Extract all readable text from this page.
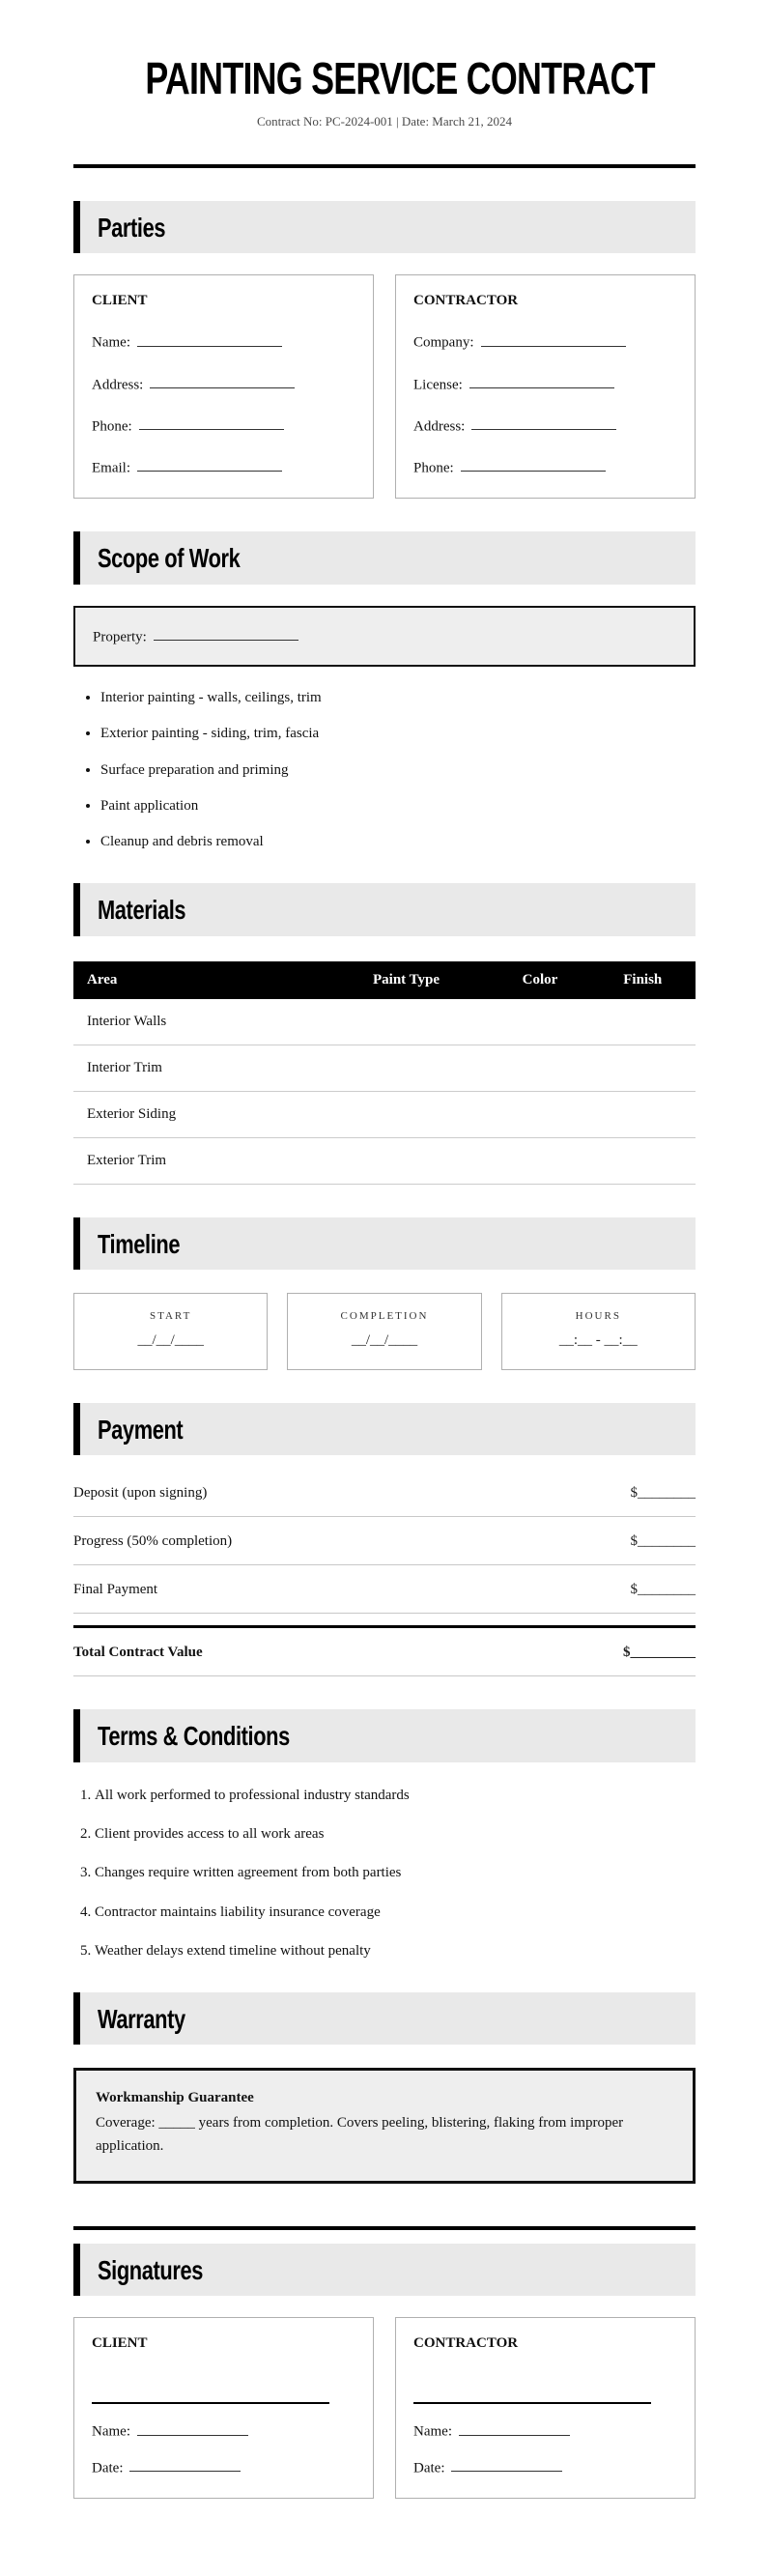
PAINTING SERVICE CONTRACT
Contract No: PC-2024-001 | Date: March 21, 2024
Parties
CLIENT
Name:
Address:
Phone:
Email:
CONTRACTOR
Company:
License:
Address:
Phone:
Scope of Work
Property:
• Interior painting - walls, ceilings, trim
• Exterior painting - siding, trim, fascia
• Surface preparation and priming
• Paint application
• Cleanup and debris removal
Materials
Area	Paint Type	Color	Finish
Interior Walls			
Interior Trim			
Exterior Siding			
Exterior Trim			
Timeline
START
__/__/____
COMPLETION
__/__/____
HOURS
__:__ - __:__
Payment
Deposit (upon signing)	$________
Progress (50% completion)	$________
Final Payment	$________
Total Contract Value	$_________
Terms & Conditions
1. All work performed to professional industry standards
2. Client provides access to all work areas
3. Changes require written agreement from both parties
4. Contractor maintains liability insurance coverage
5. Weather delays extend timeline without penalty
Warranty
Workmanship Guarantee
Coverage: _____ years from completion. Covers peeling, blistering, flaking from improper application.
Signatures
CLIENT
Name:
Date:
CONTRACTOR
Name:
Date:
